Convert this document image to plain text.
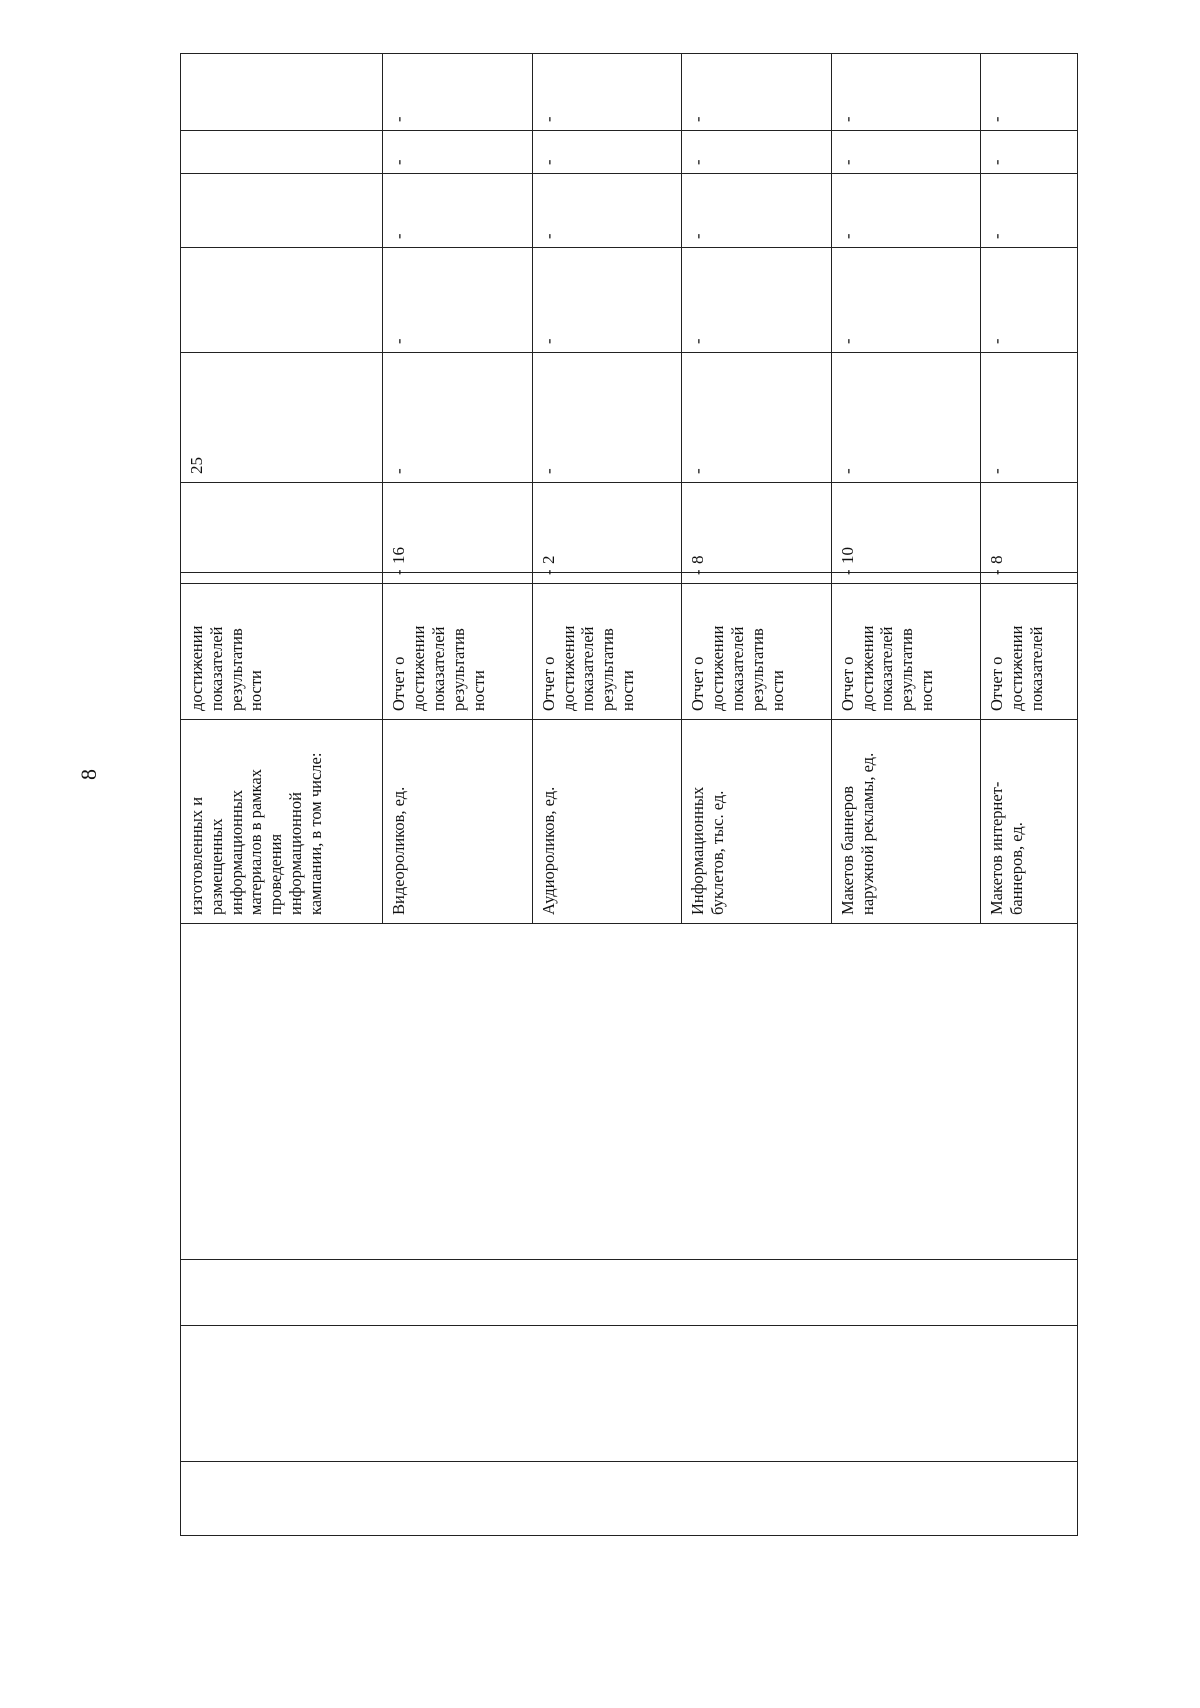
8

				изготовленных и размещенных информационных материалов в рамках проведения информационной кампании, в том числе:	достижении показателей результатив ности			25				

				Видеороликов, ед.	Отчет о достижении показателей результатив ности	-	16	-	-	-	-	-

				Аудиороликов, ед.	Отчет о достижении показателей результатив ности	-	2	-	-	-	-	-

				Информационных буклетов, тыс. ед.	Отчет о достижении показателей результатив ности	-	8	-	-	-	-	-

				Макетов баннеров наружной рекламы, ед.	Отчет о достижении показателей результатив ности	-	10	-	-	-	-	-

				Макетов интернет-баннеров, ед.	Отчет о достижении показателей	-	8	-	-	-	-	-
